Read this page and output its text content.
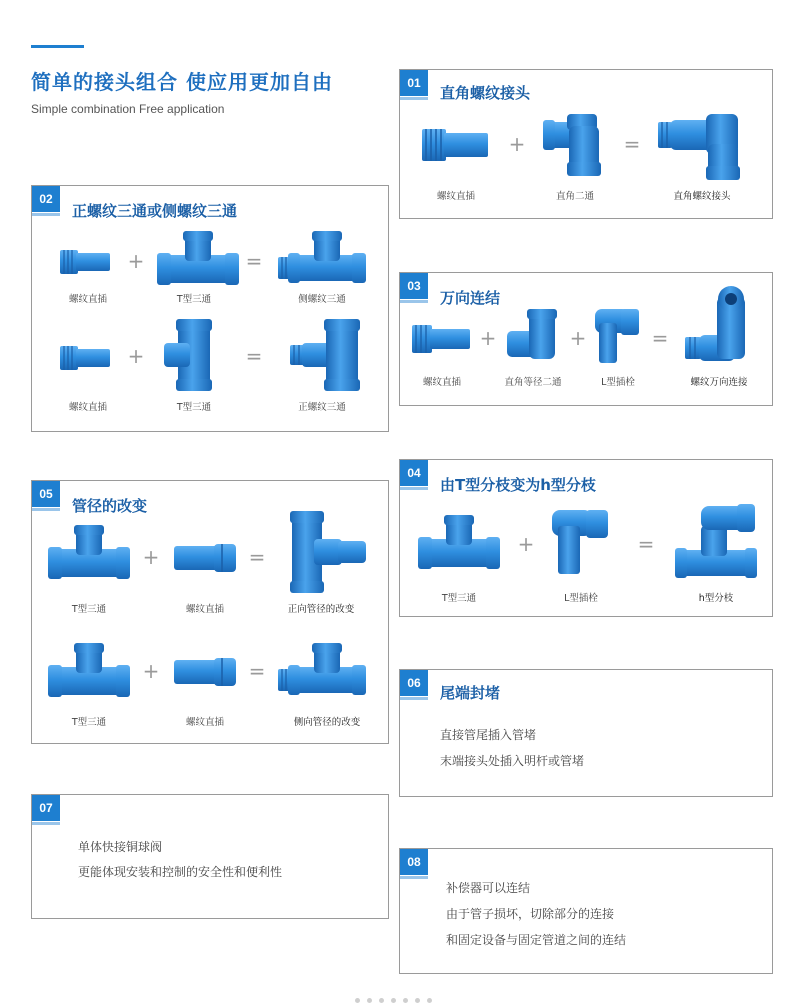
简单的接头组合 使应用更加自由
Simple combination Free application
01
直角螺纹接头
+	=
螺纹直插	直角二通	直角螺纹接头
02
正螺纹三通或侧螺纹三通
+	=
螺纹直插	T型三通	侧螺纹三通
+	=
螺纹直插	T型三通	正螺纹三通
03
万向连结
+	+	=
螺纹直插	直角等径二通	L型插栓	螺纹万向连接
04
由T型分枝变为h型分枝
+	=
T型三通	L型插栓	h型分枝
05
管径的改变
+	=
T型三通	螺纹直插	正向管径的改变
+	=
T型三通	螺纹直插	侧向管径的改变
06
尾端封堵
直接管尾插入管堵
末端接头处插入明杆或管堵
07
单体快接铜球阀
更能体现安装和控制的安全性和便利性
08
补偿器可以连结
由于管子损坏，切除部分的连接
和固定设备与固定管道之间的连结
